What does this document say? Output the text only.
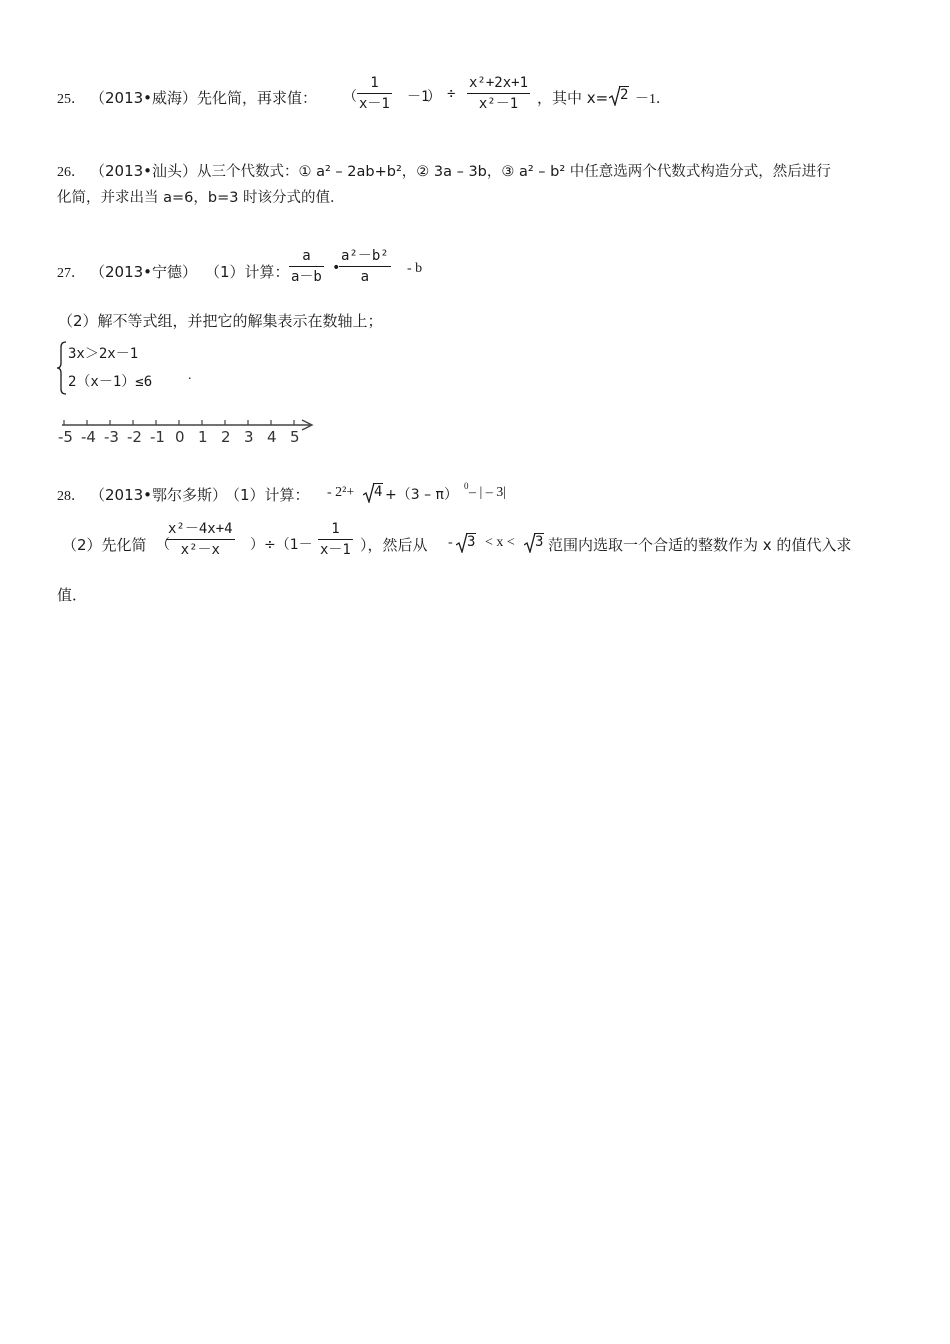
25． （2013•威海） 先化简，再求值： （
1
x－1 －1
） ÷
x²+2x+1
x²－1	，其中 x= 2 －1．
26． （2013•汕头） 从三个代数式：① a² – 2ab+b²，② 3a – 3b，③ a² – b² 中任意选两个代数式构造分式，然后进行
化简，并求出当 a=6，b=3 时该分式的值．
27． （2013•宁德） （1）计算：
a
a－b
•
a²－b²
a
- b
（2）解不等式组，并把它的解集表示在数轴上；
3x＞2x－1
2（x－1）≤6	.
-5 -4 -3 -2 -1 0 1 2 3 4 5
28． （2013•鄂尔多斯）
（1）计算： - 2²+	4 +（3 – π）
0 – | – 3|
（2）先化简 （
x²－4x+4
x²－x	）÷（1－
1
x－1 ），然后从 -	3 < x <	3 范围内选取一个合适的整数作为 x 的值代入求
值．
